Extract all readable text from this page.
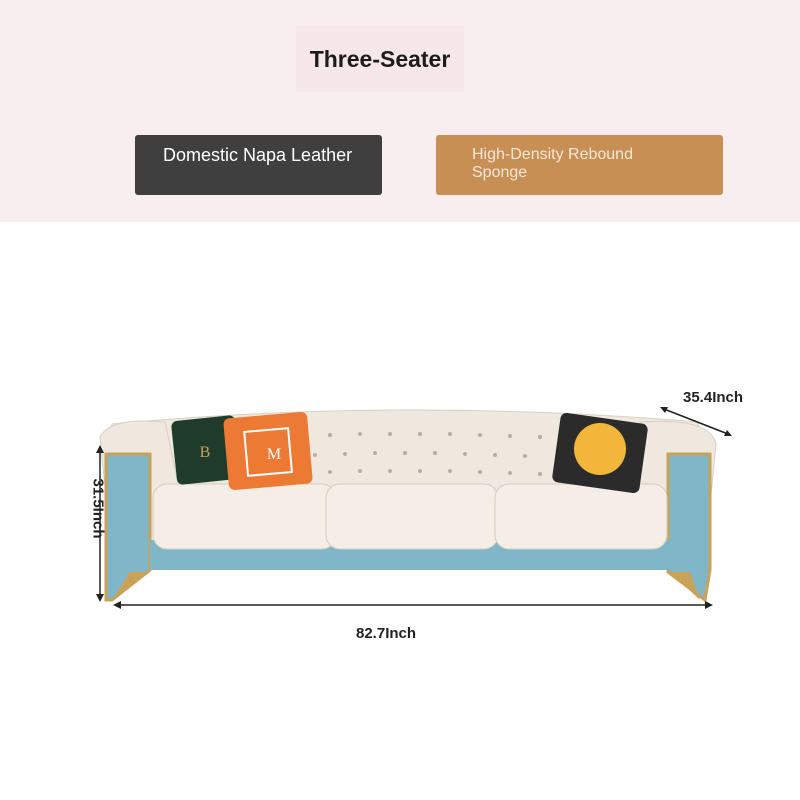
Three-Seater
Domestic Napa Leather	High-Density Rebound Sponge
B	M
35.4Inch
82.7Inch
31.5Inch
